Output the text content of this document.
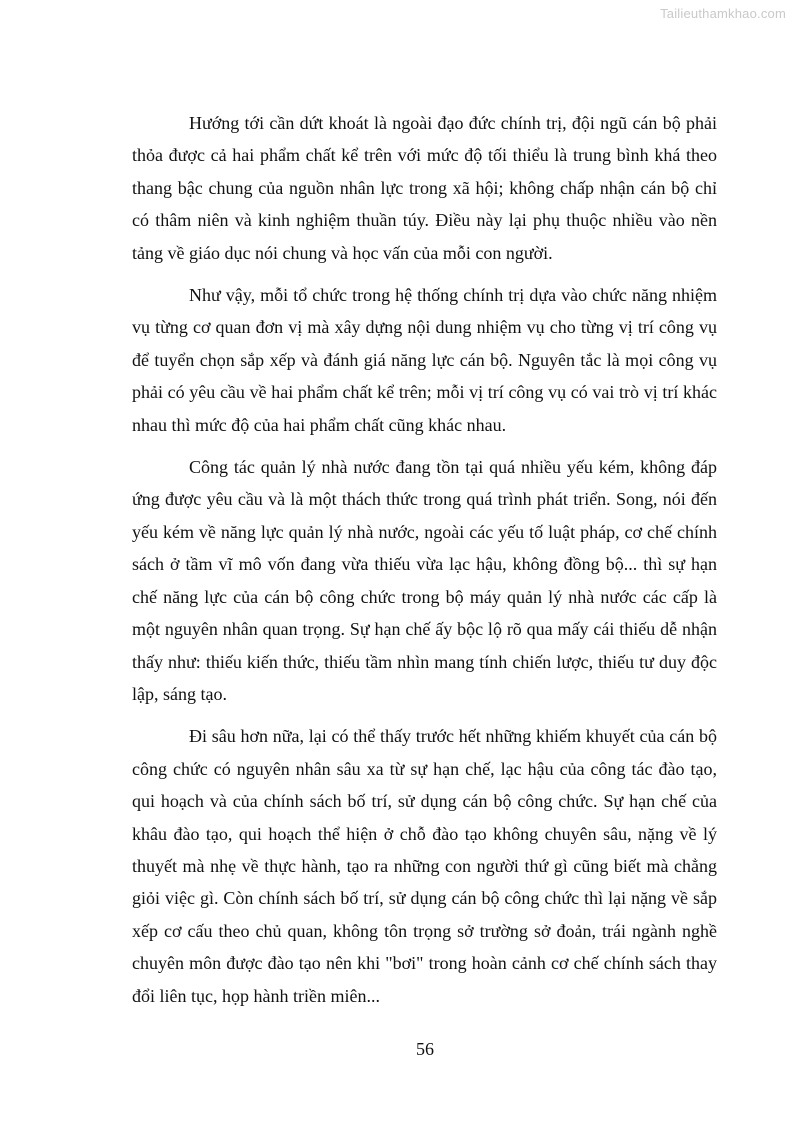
Tailieuthamkhao.com

Hướng tới cần dứt khoát là ngoài đạo đức chính trị, đội ngũ cán bộ phải thỏa được cả hai phẩm chất kể trên với mức độ tối thiểu là trung bình khá theo thang bậc chung của nguồn nhân lực trong xã hội; không chấp nhận cán bộ chỉ có thâm niên và kinh nghiệm thuần túy. Điều này lại phụ thuộc nhiều vào nền tảng về giáo dục nói chung và học vấn của mỗi con người.

Như vậy, mỗi tổ chức trong hệ thống chính trị dựa vào chức năng nhiệm vụ từng cơ quan đơn vị mà xây dựng nội dung nhiệm vụ cho từng vị trí công vụ để tuyển chọn sắp xếp và đánh giá năng lực cán bộ. Nguyên tắc là mọi công vụ phải có yêu cầu về hai phẩm chất kể trên; mỗi vị trí công vụ có vai trò vị trí khác nhau thì mức độ của hai phẩm chất cũng khác nhau.

Công tác quản lý nhà nước đang tồn tại quá nhiều yếu kém, không đáp ứng được yêu cầu và là một thách thức trong quá trình phát triển. Song, nói đến yếu kém về năng lực quản lý nhà nước, ngoài các yếu tố luật pháp, cơ chế chính sách ở tầm vĩ mô vốn đang vừa thiếu vừa lạc hậu, không đồng bộ... thì sự hạn chế năng lực của cán bộ công chức trong bộ máy quản lý nhà nước các cấp là một nguyên nhân quan trọng. Sự hạn chế ấy bộc lộ rõ qua mấy cái thiếu dễ nhận thấy như: thiếu kiến thức, thiếu tầm nhìn mang tính chiến lược, thiếu tư duy độc lập, sáng tạo.

Đi sâu hơn nữa, lại có thể thấy trước hết những khiếm khuyết của cán bộ công chức có nguyên nhân sâu xa từ sự hạn chế, lạc hậu của công tác đào tạo, qui hoạch và của chính sách bố trí, sử dụng cán bộ công chức. Sự hạn chế của khâu đào tạo, qui hoạch thể hiện ở chỗ đào tạo không chuyên sâu, nặng về lý thuyết mà nhẹ về thực hành, tạo ra những con người thứ gì cũng biết mà chẳng giỏi việc gì. Còn chính sách bố trí, sử dụng cán bộ công chức thì lại nặng về sắp xếp cơ cấu theo chủ quan, không tôn trọng sở trường sở đoản, trái ngành nghề chuyên môn được đào tạo nên khi "bơi" trong hoàn cảnh cơ chế chính sách thay đổi liên tục, họp hành triền miên...

56
